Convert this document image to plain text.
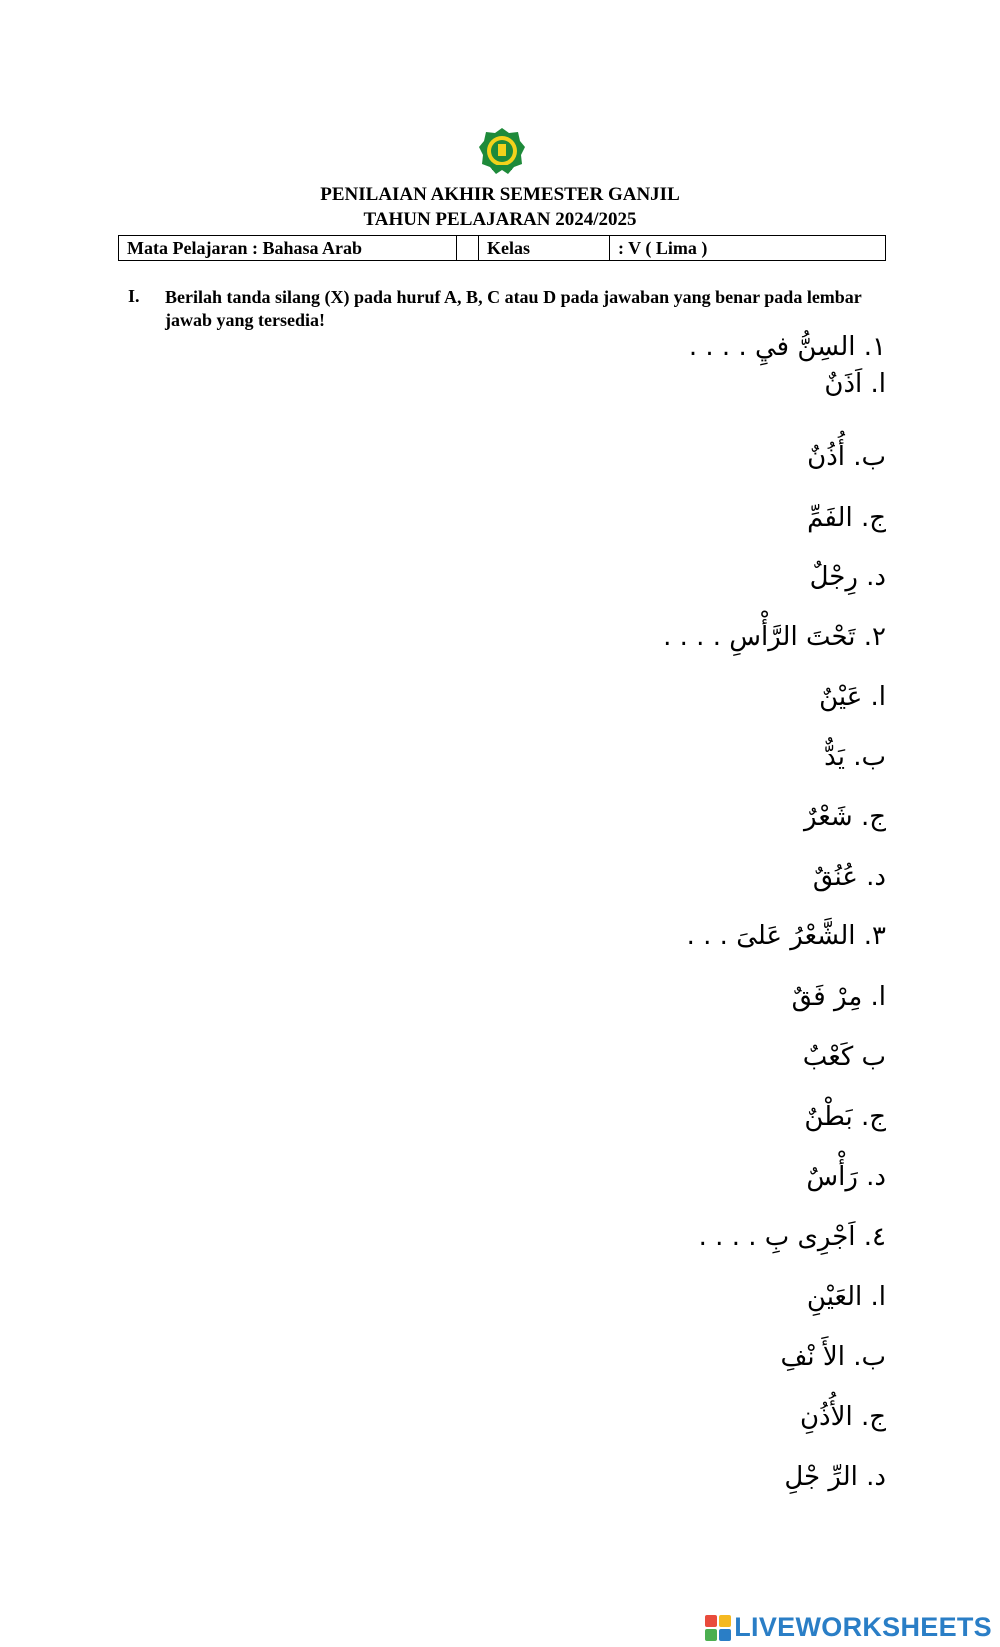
PENILAIAN AKHIR SEMESTER GANJIL
TAHUN PELAJARAN 2024/2025
Mata Pelajaran : Bahasa Arab	Kelas	: V ( Lima )
I. Berilah tanda silang (X) pada huruf A, B, C atau D pada jawaban yang benar pada lembar jawab yang tersedia!
١. السِنُّ فيِ . . . .
ا. اَذَنٌ
ب. أُذُنٌ
ج. الفَمِّ
د. رِجْلٌ
٢. تَحْتَ الرَّأْسِ . . . .
ا. عَيْنٌ
ب. يَدٌّ
ج. شَعْرٌ
د. عُنُقٌ
٣. الشَّعْرُ عَلىَ . . .
ا. مِرْ فَقٌ
ب كَعْبٌ
ج. بَطْنٌ
د. رَأْسٌ
٤. اَجْرِى بِ . . . .
ا. العَيْنِ
ب. الأَ نْفِ
ج. الأُذُنِ
د. الرِّ جْلِ
LIVEWORKSHEETS
